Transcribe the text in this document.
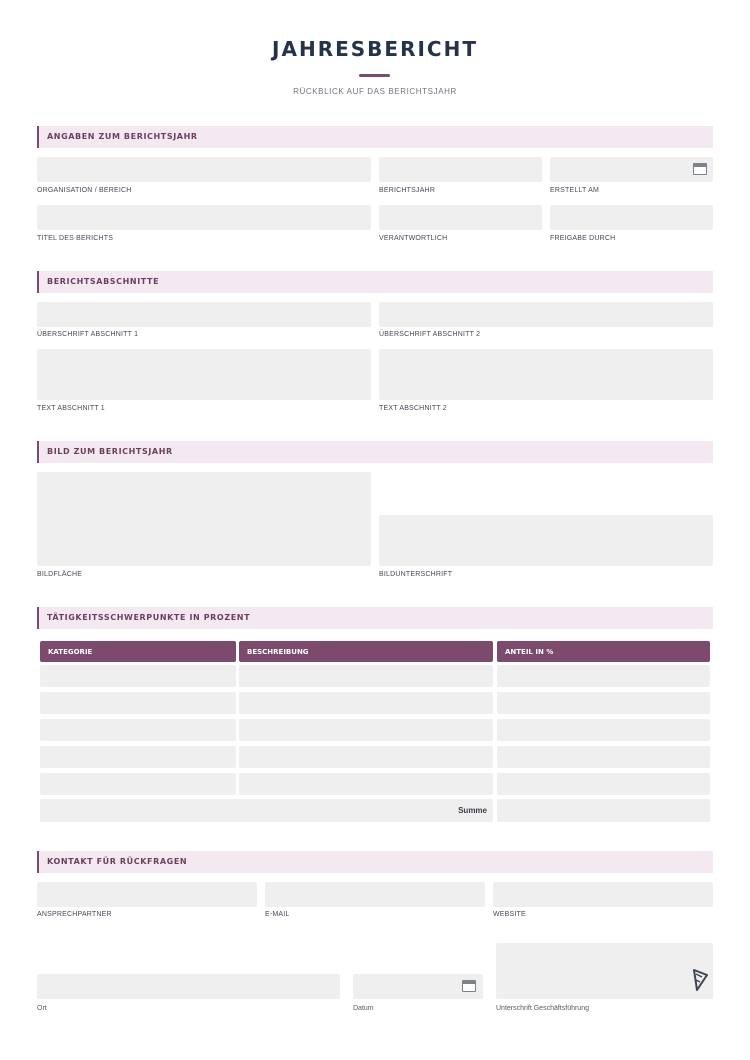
JAHRESBERICHT
RÜCKBLICK AUF DAS BERICHTSJAHR
ANGABEN ZUM BERICHTSJAHR
ORGANISATION / BEREICH	BERICHTSJAHR	ERSTELLT AM
TITEL DES BERICHTS	VERANTWORTLICH	FREIGABE DURCH
BERICHTSABSCHNITTE
ÜBERSCHRIFT ABSCHNITT 1	ÜBERSCHRIFT ABSCHNITT 2
TEXT ABSCHNITT 1	TEXT ABSCHNITT 2
BILD ZUM BERICHTSJAHR
BILDFLÄCHE	BILDUNTERSCHRIFT
TÄTIGKEITSSCHWERPUNKTE IN PROZENT
KATEGORIE	BESCHREIBUNG	ANTEIL IN %
Summe
KONTAKT FÜR RÜCKFRAGEN
ANSPRECHPARTNER	E-MAIL	WEBSITE
Ort	Datum	Unterschrift Geschäftsführung
